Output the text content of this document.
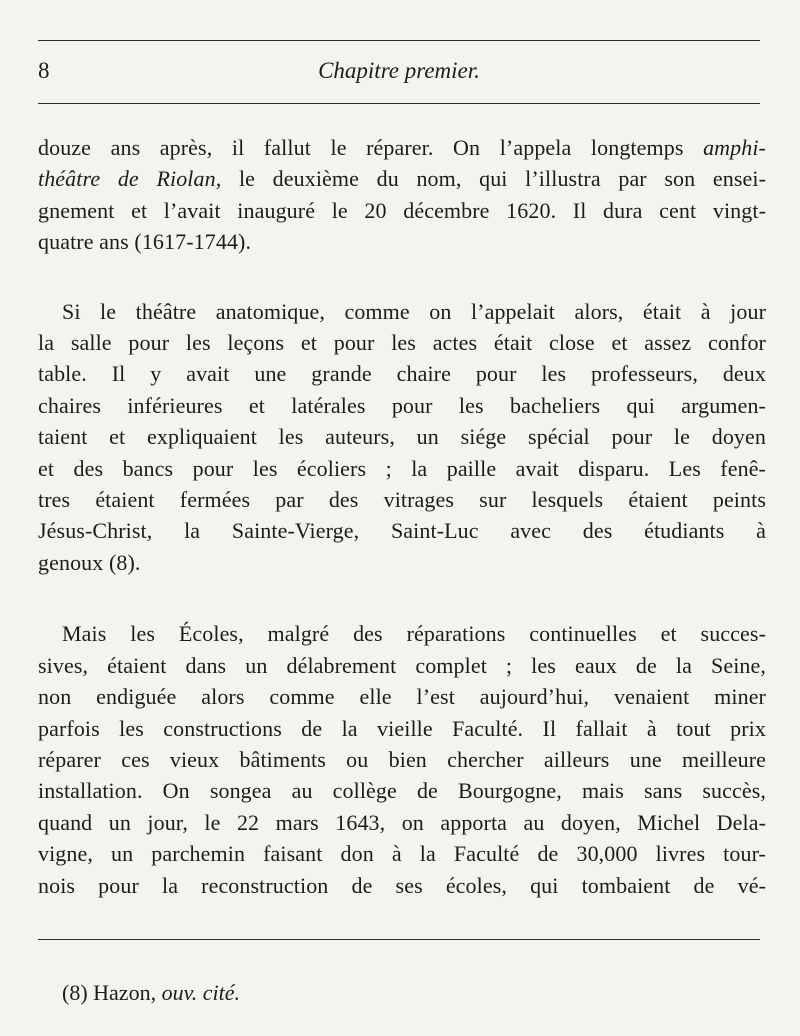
8	Chapitre premier.

douze ans après, il fallut le réparer. On l’appela longtemps amphi-
théâtre de Riolan, le deuxième du nom, qui l’illustra par son ensei-
gnement et l’avait inauguré le 20 décembre 1620. Il dura cent vingt-
quatre ans (1617-1744).

Si le théâtre anatomique, comme on l’appelait alors, était à jour
la salle pour les leçons et pour les actes était close et assez confor
table. Il y avait une grande chaire pour les professeurs, deux
chaires inférieures et latérales pour les bacheliers qui argumen-
taient et expliquaient les auteurs, un siége spécial pour le doyen
et des bancs pour les écoliers ; la paille avait disparu. Les fenê-
tres étaient fermées par des vitrages sur lesquels étaient peints
Jésus-Christ, la Sainte-Vierge, Saint-Luc avec des étudiants à
genoux (8).

Mais les Écoles, malgré des réparations continuelles et succes-
sives, étaient dans un délabrement complet ; les eaux de la Seine,
non endiguée alors comme elle l’est aujourd’hui, venaient miner
parfois les constructions de la vieille Faculté. Il fallait à tout prix
réparer ces vieux bâtiments ou bien chercher ailleurs une meilleure
installation. On songea au collège de Bourgogne, mais sans succès,
quand un jour, le 22 mars 1643, on apporta au doyen, Michel Dela-
vigne, un parchemin faisant don à la Faculté de 30,000 livres tour-
nois pour la reconstruction de ses écoles, qui tombaient de vé-

(8) Hazon, ouv. cité.
